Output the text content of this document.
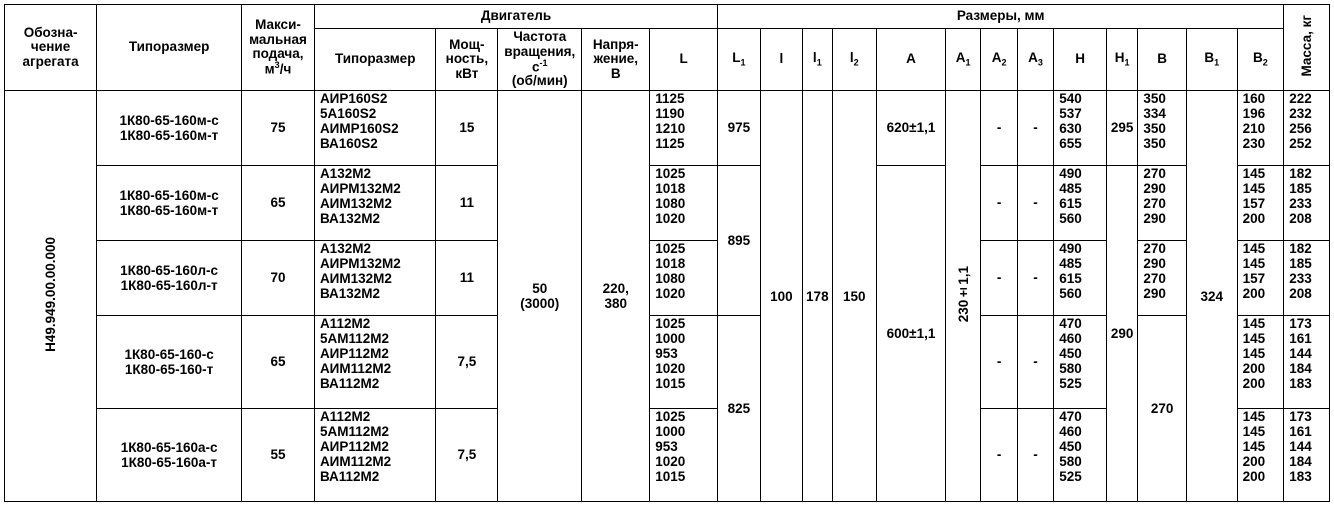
Обозна-
чение
агрегата	Типоразмер	Макси-
мальная
подача,
$м^3/ч$	Двигатель					Размеры, мм													Масса, кг
			Типоразмер	Мощ-
ность,
кВт	Частота
вращения, $с^{-1}$
(об/мин)	Напря-
жение,
В	L	$L_1$	l	$l_1$	$l_2$	A	$A_1$	$A_2$	$A_3$	H	$H_1$	B	$B_1$	$B_2$
Н49.949.00.00.000	1К80-65-160м-с
1К80-65-160м-т	75	АИР160S2
5А160S2
АИМР160S2
ВА160S2	15	50
(3000)	220,
380	1125
1190
1210
1125	975	100	178	150	620±1,1	230±1,1	-	-	540
537
630
655	295	350
334
350
350	324	160
196
210
230	222
232
256
252
	1К80-65-160м-с
1К80-65-160м-т	65	А132М2
АИРМ132М2
АИМ132М2
ВА132М2	11			1025
1018
1080
1020	895				600±1,1		-	-	490
485
615
560	290	270
290
270
290		145
145
157
200	182
185
233
208
	1К80-65-160л-с
1К80-65-160л-т	70	А132М2
АИРМ132М2
АИМ132М2
ВА132М2	11			1025
1018
1080
1020							-	-	490
485
615
560		270
290
270
290		145
145
157
200	182
185
233
208
	1К80-65-160-с
1К80-65-160-т	65	А112М2
5АМ112М2
АИР112М2
АИМ112М2
ВА112М2	7,5			1025
1000
953
1020
1015	825						-	-	470
460
450
580
525		270		145
145
145
200
200	173
161
144
184
183
	1К80-65-160а-с
1К80-65-160а-т	55	А112М2
5АМ112М2
АИР112М2
АИМ112М2
ВА112М2	7,5			1025
1000
953
1020
1015							-	-	470
460
450
580
525				145
145
145
200
200	173
161
144
184
183
